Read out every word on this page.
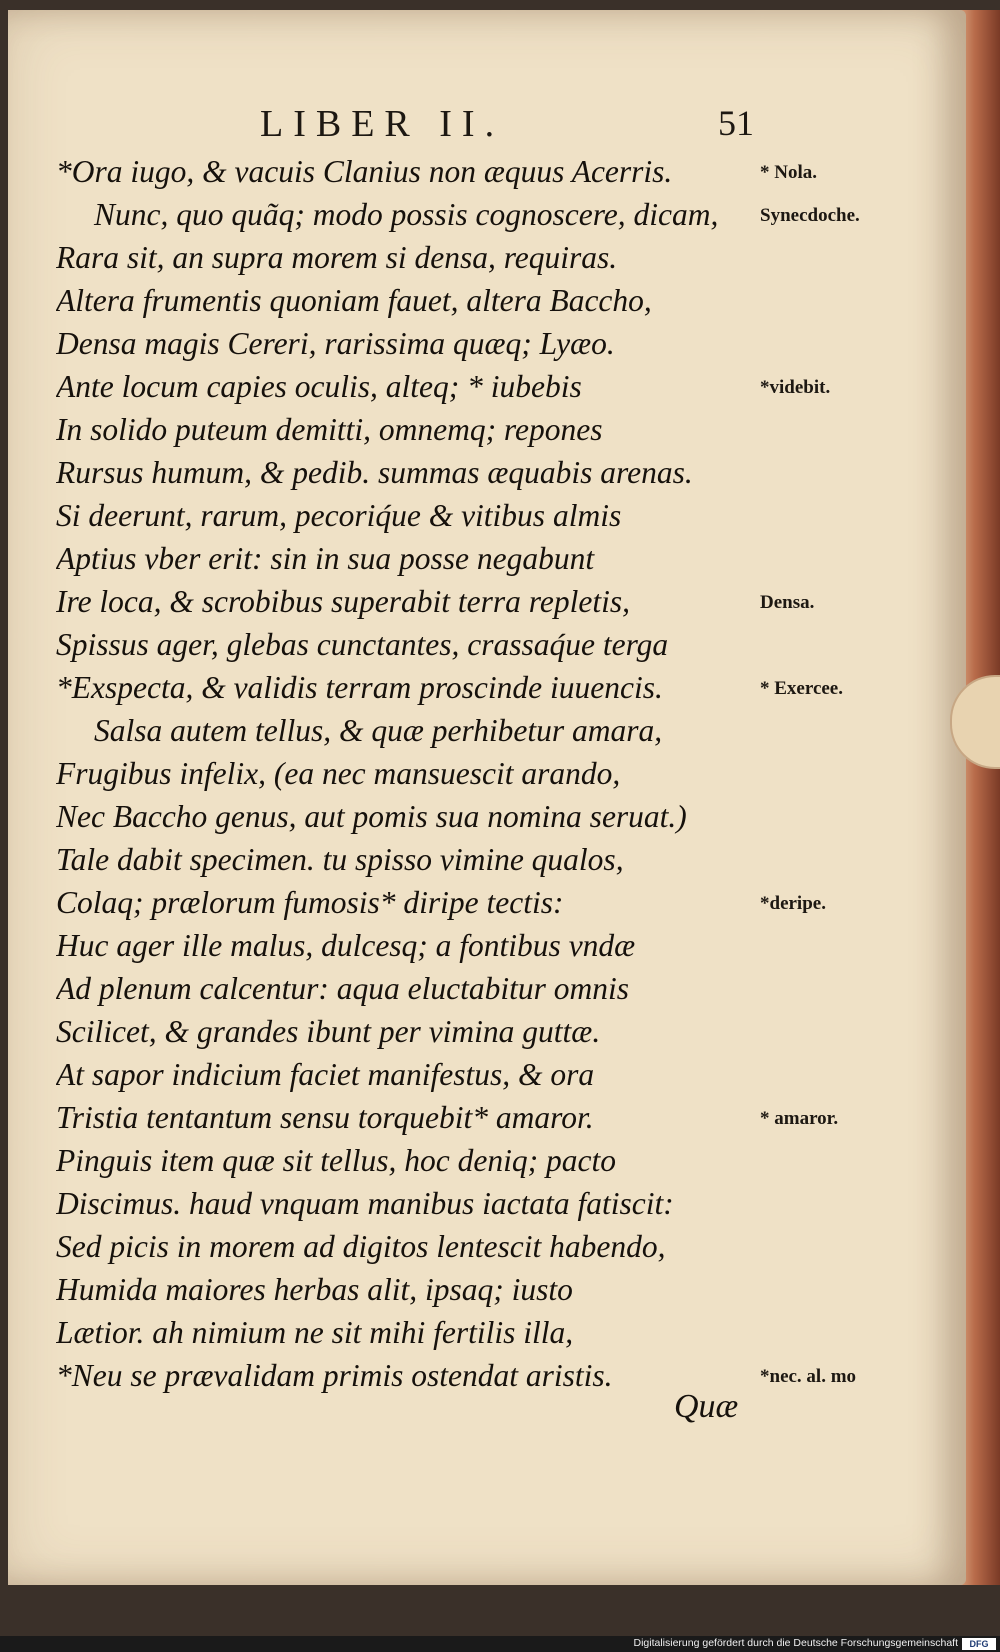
LIBER II.	51
*Ora iugo, & vacuis Clanius non æquus Acerris.
Nunc, quo quãq; modo possis cognoscere, dicam,
Rara sit, an supra morem si densa, requiras.
Altera frumentis quoniam fauet, altera Baccho,
Densa magis Cereri, rarissima quæq; Lyæo.
Ante locum capies oculis, alteq; * iubebis
In solido puteum demitti, omnemq; repones
Rursus humum, & pedib. summas æquabis arenas.
Si deerunt, rarum, pecoriq́ue & vitibus almis
Aptius vber erit: sin in sua posse negabunt
Ire loca, & scrobibus superabit terra repletis,
Spissus ager, glebas cunctantes, crassaq́ue terga
*Exspecta, & validis terram proscinde iuuencis.
Salsa autem tellus, & quæ perhibetur amara,
Frugibus infelix, (ea nec mansuescit arando,
Nec Baccho genus, aut pomis sua nomina seruat.)
Tale dabit specimen. tu spisso vimine qualos,
Colaq; prælorum fumosis* diripe tectis:
Huc ager ille malus, dulcesq; a fontibus vndæ
Ad plenum calcentur: aqua eluctabitur omnis
Scilicet, & grandes ibunt per vimina guttæ.
At sapor indicium faciet manifestus, & ora
Tristia tentantum sensu torquebit* amaror.
Pinguis item quæ sit tellus, hoc deniq; pacto
Discimus. haud vnquam manibus iactata fatiscit:
Sed picis in morem ad digitos lentescit habendo,
Humida maiores herbas alit, ipsaq; iusto
Lætior. ah nimium ne sit mihi fertilis illa,
*Neu se prævalidam primis ostendat aristis.
* Nola.
Synecdoche.
*videbit.
Densa.
* Exercee.
*deripe.
* amaror.
*nec. al. mo
Quæ
Digitalisierung gefördert durch die Deutsche Forschungsgemeinschaft	DFG
